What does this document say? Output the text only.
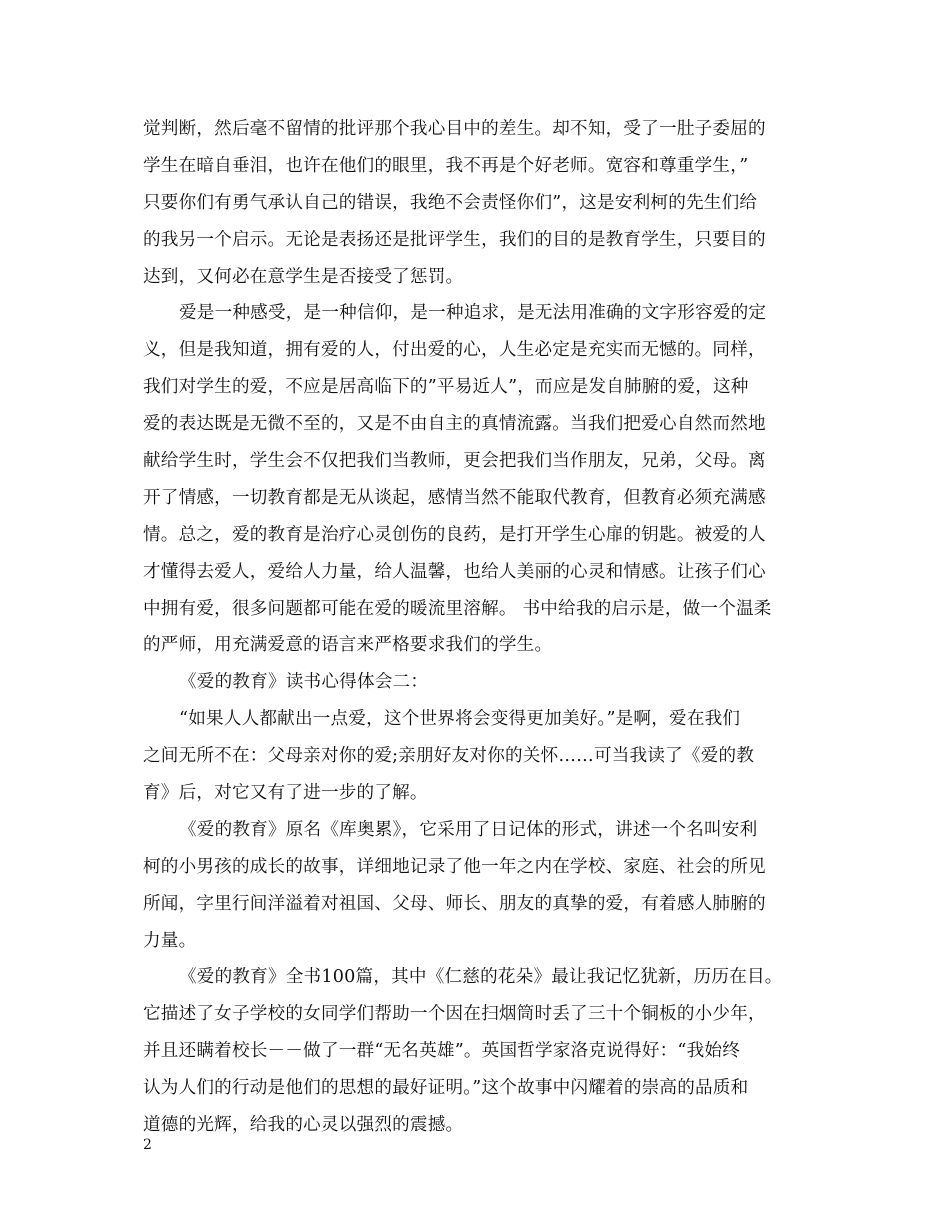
觉判断，然后毫不留情的批评那个我心目中的差生。却不知，受了一肚子委屈的
学生在暗自垂泪，也许在他们的眼里，我不再是个好老师。宽容和尊重学生，”
只要你们有勇气承认自己的错误，我绝不会责怪你们”，这是安利柯的先生们给
的我另一个启示。无论是表扬还是批评学生，我们的目的是教育学生，只要目的
达到，又何必在意学生是否接受了惩罚。
爱是一种感受，是一种信仰，是一种追求，是无法用准确的文字形容爱的定
义，但是我知道，拥有爱的人，付出爱的心，人生必定是充实而无憾的。同样，
我们对学生的爱，不应是居高临下的”平易近人”，而应是发自肺腑的爱，这种
爱的表达既是无微不至的，又是不由自主的真情流露。当我们把爱心自然而然地
献给学生时，学生会不仅把我们当教师，更会把我们当作朋友，兄弟，父母。离
开了情感，一切教育都是无从谈起，感情当然不能取代教育，但教育必须充满感
情。总之，爱的教育是治疗心灵创伤的良药，是打开学生心扉的钥匙。被爱的人
才懂得去爱人，爱给人力量，给人温馨，也给人美丽的心灵和情感。让孩子们心
中拥有爱，很多问题都可能在爱的暖流里溶解。 书中给我的启示是，做一个温柔
的严师，用充满爱意的语言来严格要求我们的学生。
《爱的教育》读书心得体会二：
“如果人人都献出一点爱，这个世界将会变得更加美好。”是啊，爱在我们
之间无所不在：父母亲对你的爱;亲朋好友对你的关怀……可当我读了《爱的教
育》后，对它又有了进一步的了解。
《爱的教育》原名《库奥累》，它采用了日记体的形式，讲述一个名叫安利
柯的小男孩的成长的故事，详细地记录了他一年之内在学校、家庭、社会的所见
所闻，字里行间洋溢着对祖国、父母、师长、朋友的真挚的爱，有着感人肺腑的
力量。
《爱的教育》全书100篇，其中《仁慈的花朵》最让我记忆犹新，历历在目。
它描述了女子学校的女同学们帮助一个因在扫烟筒时丢了三十个铜板的小少年，
并且还瞒着校长－－做了一群“无名英雄”。英国哲学家洛克说得好：“我始终
认为人们的行动是他们的思想的最好证明。”这个故事中闪耀着的崇高的品质和
道德的光辉，给我的心灵以强烈的震撼。
2
